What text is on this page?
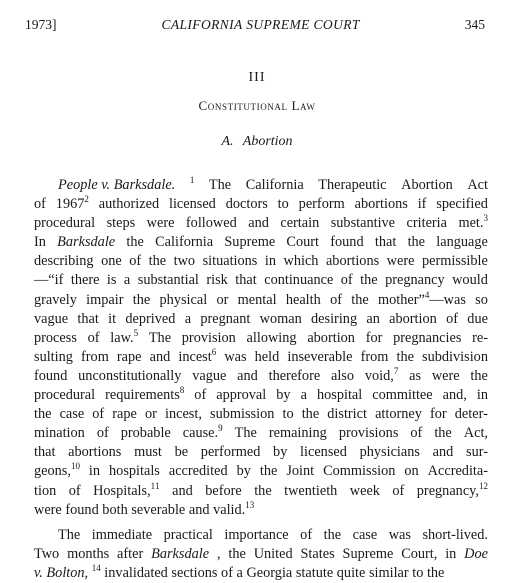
1973]	CALIFORNIA SUPREME COURT	345
III
Constitutional Law
A. Abortion
People v. Barksdale. $^1$ The California Therapeutic Abortion Act
of 1967$^2$ authorized licensed doctors to perform abortions if specified
procedural steps were followed and certain substantive criteria met.$^3$
In Barksdale the California Supreme Court found that the language
describing one of the two situations in which abortions were permissible
—“if there is a substantial risk that continuance of the pregnancy would
gravely impair the physical or mental health of the mother”$^4$—was so
vague that it deprived a pregnant woman desiring an abortion of due
process of law.$^5$ The provision allowing abortion for pregnancies re-
sulting from rape and incest$^6$ was held inseverable from the subdivision
found unconstitutionally vague and therefore also void,$^7$ as were the
procedural requirements$^8$ of approval by a hospital committee and, in
the case of rape or incest, submission to the district attorney for deter-
mination of probable cause.$^9$ The remaining provisions of the Act,
that abortions must be performed by licensed physicians and sur-
geons,$^{10}$ in hospitals accredited by the Joint Commission on Accredita-
tion of Hospitals,$^{11}$ and before the twentieth week of pregnancy,$^{12}$
were found both severable and valid.$^{13}$
The immediate practical importance of the case was short-lived.
Two months after Barksdale , the United States Supreme Court, in Doe
v. Bolton, $^{14}$ invalidated sections of a Georgia statute quite similar to the
